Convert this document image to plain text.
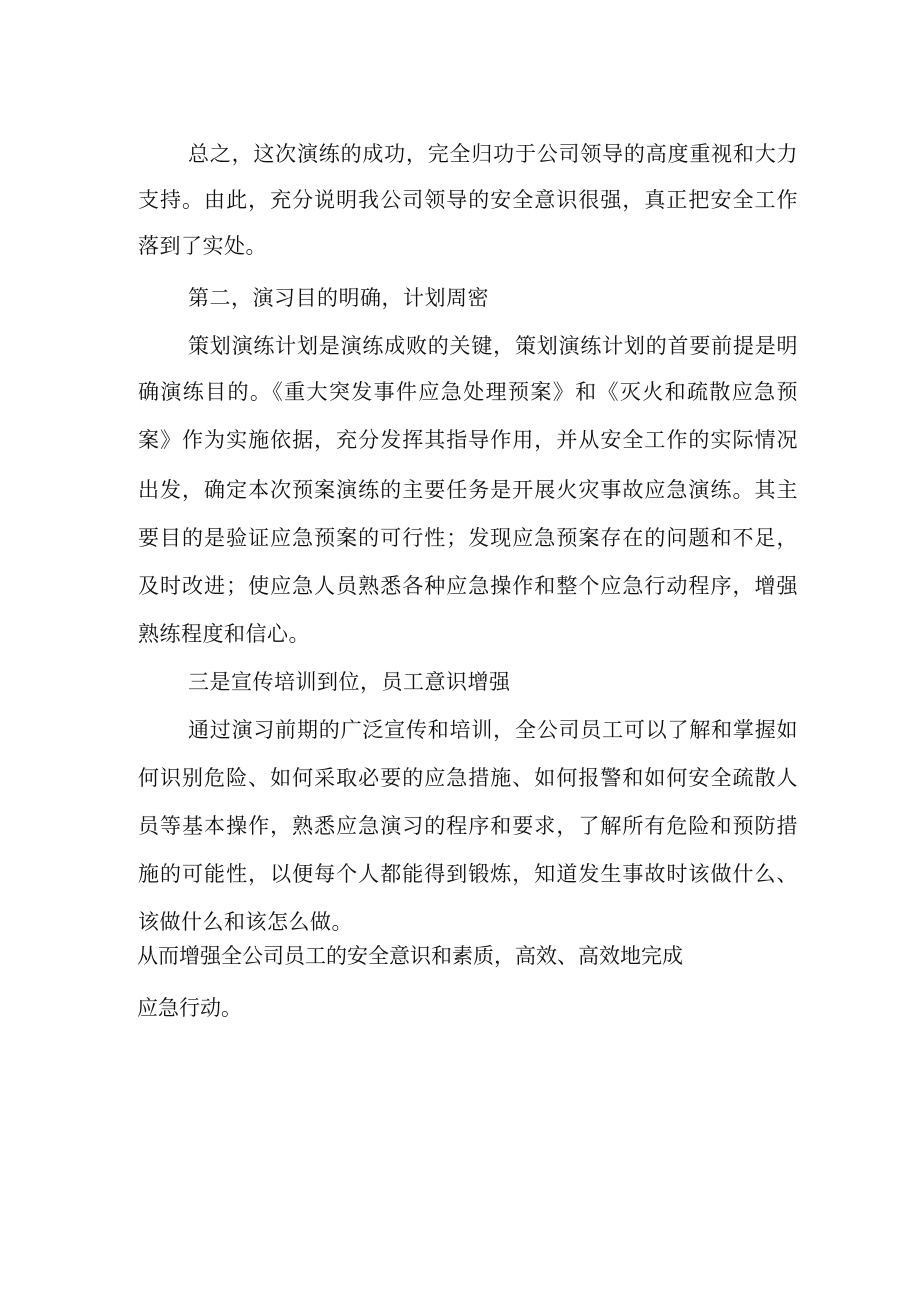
总之，这次演练的成功，完全归功于公司领导的高度重视和大力
支持。由此，充分说明我公司领导的安全意识很强，真正把安全工作
落到了实处。
第二，演习目的明确，计划周密
策划演练计划是演练成败的关键，策划演练计划的首要前提是明
确演练目的。《重大突发事件应急处理预案》和《灭火和疏散应急预
案》作为实施依据，充分发挥其指导作用，并从安全工作的实际情况
出发，确定本次预案演练的主要任务是开展火灾事故应急演练。其主
要目的是验证应急预案的可行性；发现应急预案存在的问题和不足，
及时改进；使应急人员熟悉各种应急操作和整个应急行动程序，增强
熟练程度和信心。
三是宣传培训到位，员工意识增强
通过演习前期的广泛宣传和培训，全公司员工可以了解和掌握如
何识别危险、如何采取必要的应急措施、如何报警和如何安全疏散人
员等基本操作，熟悉应急演习的程序和要求，了解所有危险和预防措
施的可能性，以便每个人都能得到锻炼，知道发生事故时该做什么、
该做什么和该怎么做。
从而增强全公司员工的安全意识和素质，高效、高效地完成
应急行动。
